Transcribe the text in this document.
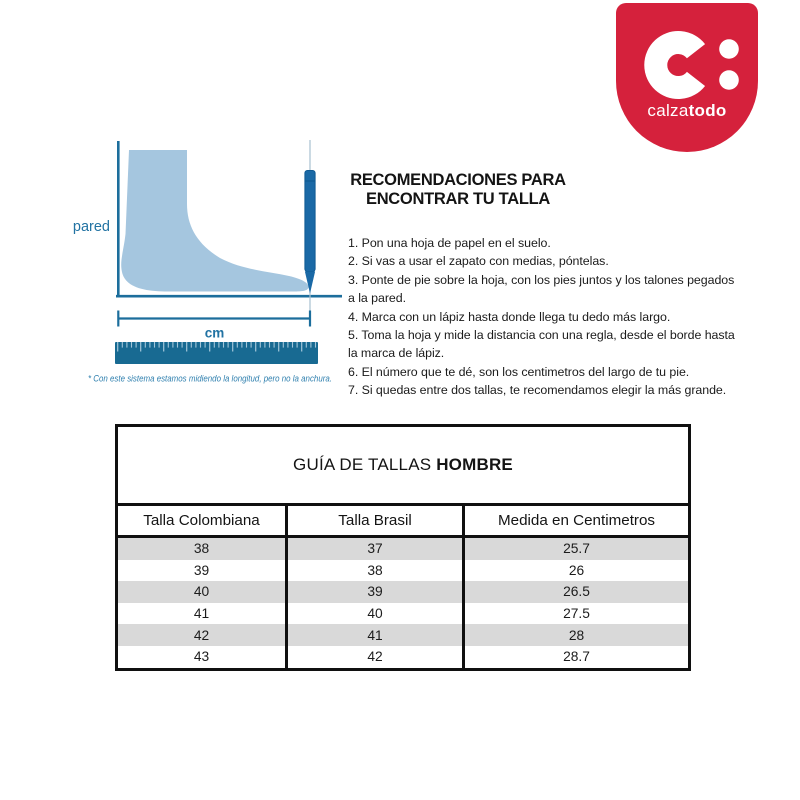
calzatodo
pared
cm
* Con este sistema estamos midiendo la longitud, pero no la anchura.
RECOMENDACIONES PARA
ENCONTRAR TU TALLA
1. Pon una hoja de papel en el suelo.
2. Si vas a usar el zapato con medias, póntelas.
3. Ponte de pie sobre la hoja, con los pies juntos y los talones pegados
a la pared.
4. Marca con un lápiz hasta donde llega tu dedo más largo.
5. Toma la hoja y mide la distancia con una regla, desde el borde hasta
la marca de lápiz.
6. El número que te dé, son los centimetros del largo de tu pie.
7. Si quedas entre dos tallas, te recomendamos elegir la más grande.
GUÍA DE TALLAS HOMBRE		
Talla Colombiana	Talla Brasil	Medida en Centimetros
38	37	25.7
39	38	26
40	39	26.5
41	40	27.5
42	41	28
43	42	28.7
